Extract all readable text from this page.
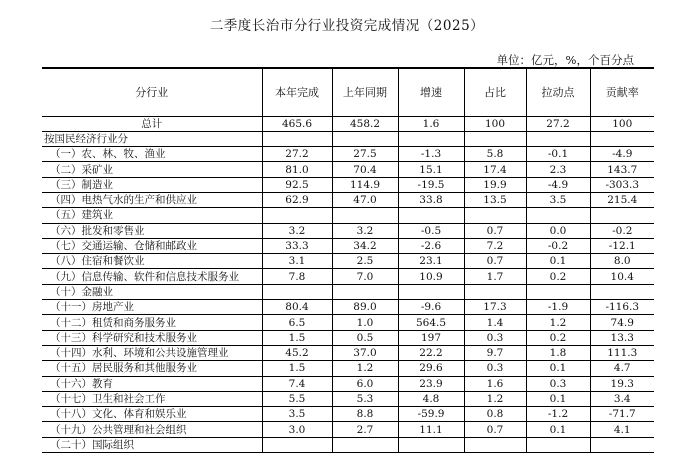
二季度长治市分行业投资完成情况（2025）
单位：亿元，%，个百分点
分行业	本年完成	上年同期	增速	占比	拉动点	贡献率
总计	465.6	458.2	1.6	100	27.2	100
按国民经济行业分						
（一）农、林、牧、渔业	27.2	27.5	-1.3	5.8	-0.1	-4.9
（二）采矿业	81.0	70.4	15.1	17.4	2.3	143.7
（三）制造业	92.5	114.9	-19.5	19.9	-4.9	-303.3
（四）电热气水的生产和供应业	62.9	47.0	33.8	13.5	3.5	215.4
（五）建筑业						
（六）批发和零售业	3.2	3.2	-0.5	0.7	0.0	-0.2
（七）交通运输、仓储和邮政业	33.3	34.2	-2.6	7.2	-0.2	-12.1
（八）住宿和餐饮业	3.1	2.5	23.1	0.7	0.1	8.0
（九）信息传输、软件和信息技术服务业	7.8	7.0	10.9	1.7	0.2	10.4
（十）金融业						
（十一）房地产业	80.4	89.0	-9.6	17.3	-1.9	-116.3
（十二）租赁和商务服务业	6.5	1.0	564.5	1.4	1.2	74.9
（十三）科学研究和技术服务业	1.5	0.5	197	0.3	0.2	13.3
（十四）水利、环境和公共设施管理业	45.2	37.0	22.2	9.7	1.8	111.3
（十五）居民服务和其他服务业	1.5	1.2	29.6	0.3	0.1	4.7
（十六）教育	7.4	6.0	23.9	1.6	0.3	19.3
（十七）卫生和社会工作	5.5	5.3	4.8	1.2	0.1	3.4
（十八）文化、体育和娱乐业	3.5	8.8	-59.9	0.8	-1.2	-71.7
（十九）公共管理和社会组织	3.0	2.7	11.1	0.7	0.1	4.1
（二十）国际组织						
